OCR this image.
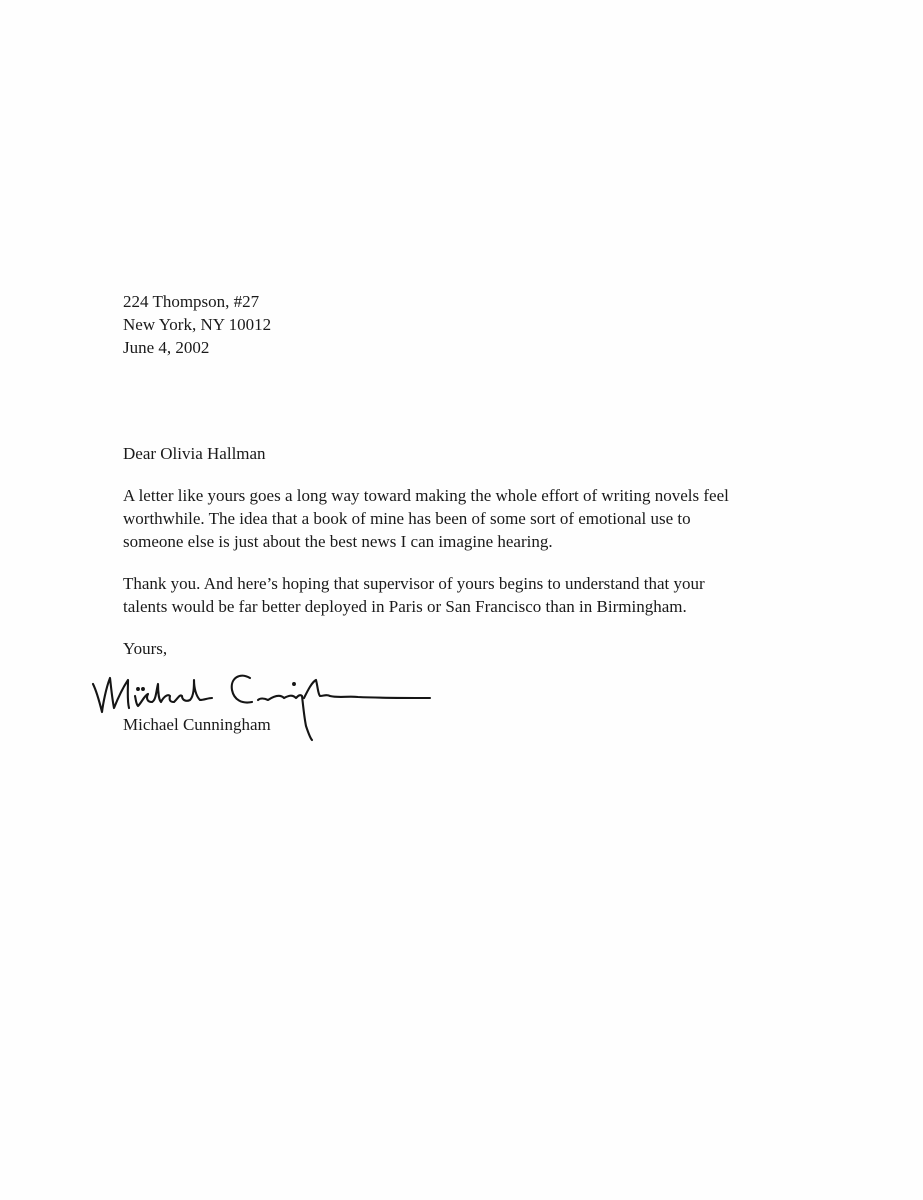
224 Thompson, #27
New York, NY 10012
June 4, 2002
Dear Olivia Hallman
A letter like yours goes a long way toward making the whole effort of writing novels feel
worthwhile. The idea that a book of mine has been of some sort of emotional use to
someone else is just about the best news I can imagine hearing.
Thank you. And here’s hoping that supervisor of yours begins to understand that your
talents would be far better deployed in Paris or San Francisco than in Birmingham.
Yours,
Michael Cunningham
